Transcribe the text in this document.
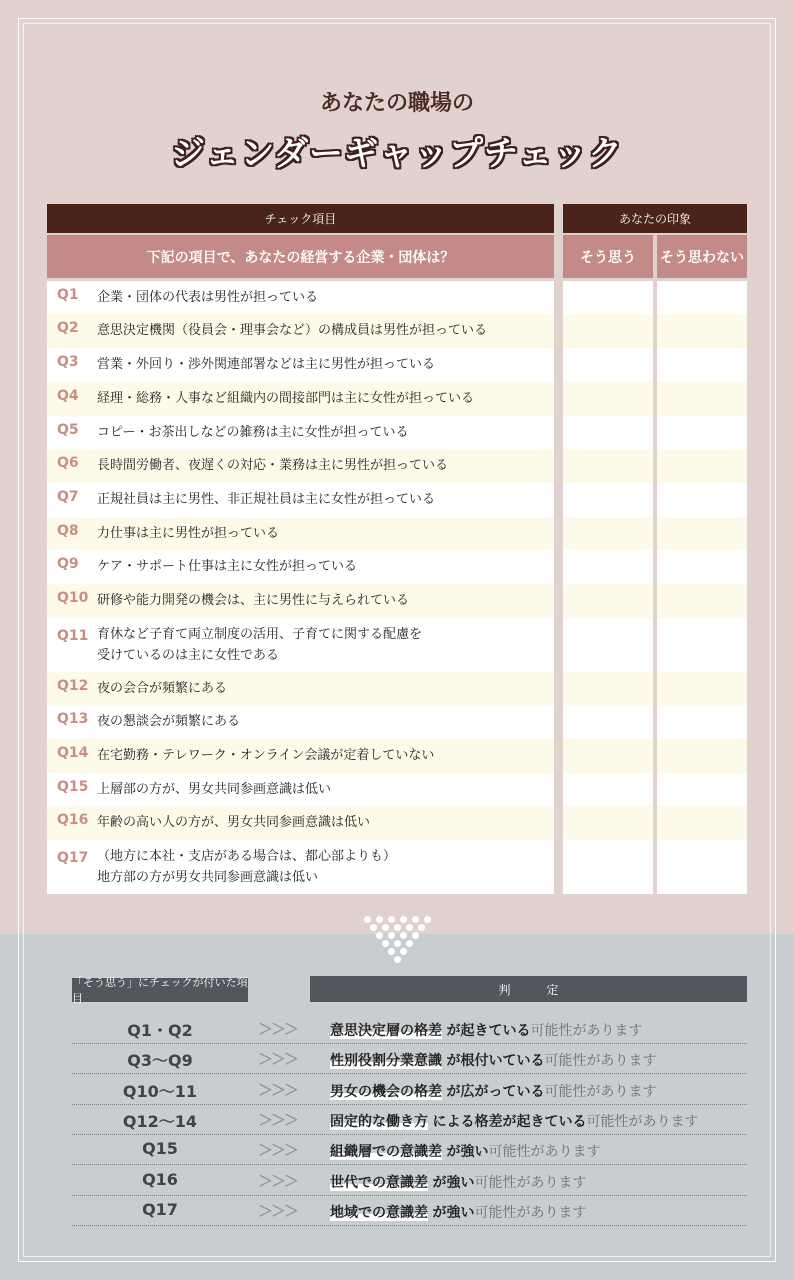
あなたの職場の
ジェンダーギャップチェック
チェック項目	あなたの印象
下記の項目で、あなたの経営する企業・団体は？	そう思う	そう思わない
Q1	企業・団体の代表は男性が担っている
Q2	意思決定機関（役員会・理事会など）の構成員は男性が担っている
Q3	営業・外回り・渉外関連部署などは主に男性が担っている
Q4	経理・総務・人事など組織内の間接部門は主に女性が担っている
Q5	コピー・お茶出しなどの雑務は主に女性が担っている
Q6	長時間労働者、夜遅くの対応・業務は主に男性が担っている
Q7	正規社員は主に男性、非正規社員は主に女性が担っている
Q8	力仕事は主に男性が担っている
Q9	ケア・サポート仕事は主に女性が担っている
Q10 研修や能力開発の機会は、主に男性に与えられている
Q11 育休など子育て両立制度の活用、子育てに関する配慮を
受けているのは主に女性である
Q12 夜の会合が頻繁にある
Q13 夜の懇談会が頻繁にある
Q14 在宅勤務・テレワーク・オンライン会議が定着していない
Q15 上層部の方が、男女共同参画意識は低い
Q16 年齢の高い人の方が、男女共同参画意識は低い
Q17 （地方に本社・支店がある場合は、都心部よりも）
地方部の方が男女共同参画意識は低い
「そう思う」にチェックが付いた項目
判　　　定
Q1・Q2	＞＞＞ 意思決定層の格差 が起きている可能性があります
Q3〜Q9	＞＞＞ 性別役割分業意識 が根付いている可能性があります
Q10〜11	＞＞＞ 男女の機会の格差 が広がっている可能性があります
Q12〜14	＞＞＞ 固定的な働き方 による格差が起きている可能性があります
Q15	＞＞＞ 組織層での意識差 が強い可能性があります
Q16	＞＞＞ 世代での意識差 が強い可能性があります
Q17	＞＞＞ 地域での意識差 が強い可能性があります
